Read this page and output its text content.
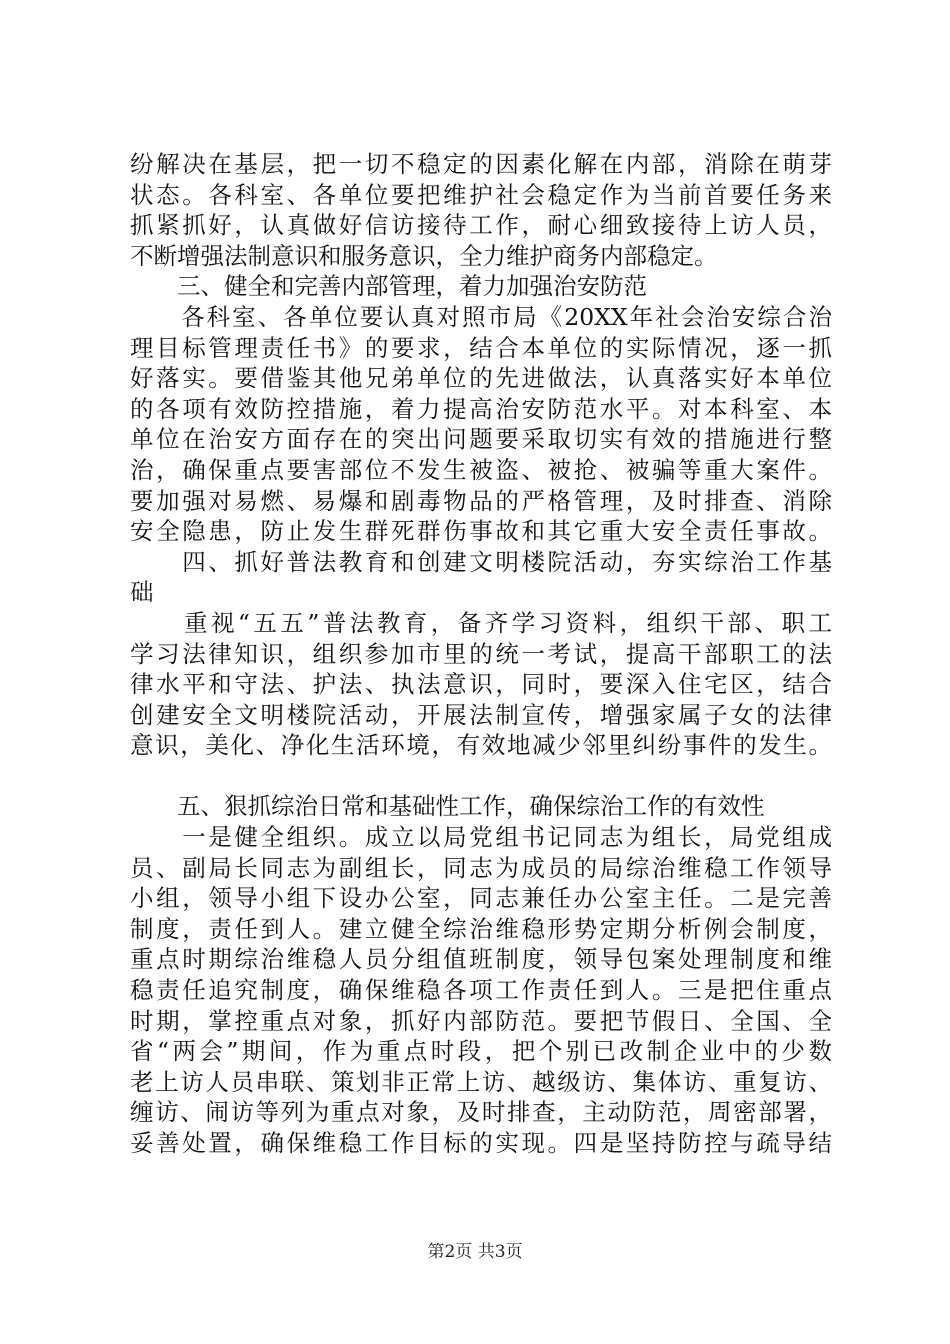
纷解决在基层，把一切不稳定的因素化解在内部，消除在萌芽
状态。各科室、各单位要把维护社会稳定作为当前首要任务来
抓紧抓好，认真做好信访接待工作，耐心细致接待上访人员，
不断增强法制意识和服务意识，全力维护商务内部稳定。
　　三、健全和完善内部管理，着力加强治安防范
　　各科室、各单位要认真对照市局《20XX年社会治安综合治
理目标管理责任书》的要求，结合本单位的实际情况，逐一抓
好落实。要借鉴其他兄弟单位的先进做法，认真落实好本单位
的各项有效防控措施，着力提高治安防范水平。对本科室、本
单位在治安方面存在的突出问题要采取切实有效的措施进行整
治，确保重点要害部位不发生被盗、被抢、被骗等重大案件。
要加强对易燃、易爆和剧毒物品的严格管理，及时排查、消除
安全隐患，防止发生群死群伤事故和其它重大安全责任事故。
　　四、抓好普法教育和创建文明楼院活动，夯实综治工作基
础
　　重视“五五”普法教育，备齐学习资料，组织干部、职工
学习法律知识，组织参加市里的统一考试，提高干部职工的法
律水平和守法、护法、执法意识，同时，要深入住宅区，结合
创建安全文明楼院活动，开展法制宣传，增强家属子女的法律
意识，美化、净化生活环境，有效地减少邻里纠纷事件的发生。
　　五、狠抓综治日常和基础性工作，确保综治工作的有效性
　　一是健全组织。成立以局党组书记同志为组长，局党组成
员、副局长同志为副组长，同志为成员的局综治维稳工作领导
小组，领导小组下设办公室，同志兼任办公室主任。二是完善
制度，责任到人。建立健全综治维稳形势定期分析例会制度，
重点时期综治维稳人员分组值班制度，领导包案处理制度和维
稳责任追究制度，确保维稳各项工作责任到人。三是把住重点
时期，掌控重点对象，抓好内部防范。要把节假日、全国、全
省“两会”期间，作为重点时段，把个别已改制企业中的少数
老上访人员串联、策划非正常上访、越级访、集体访、重复访、
缠访、闹访等列为重点对象，及时排查，主动防范，周密部署，
妥善处置，确保维稳工作目标的实现。四是坚持防控与疏导结
第2页 共3页
